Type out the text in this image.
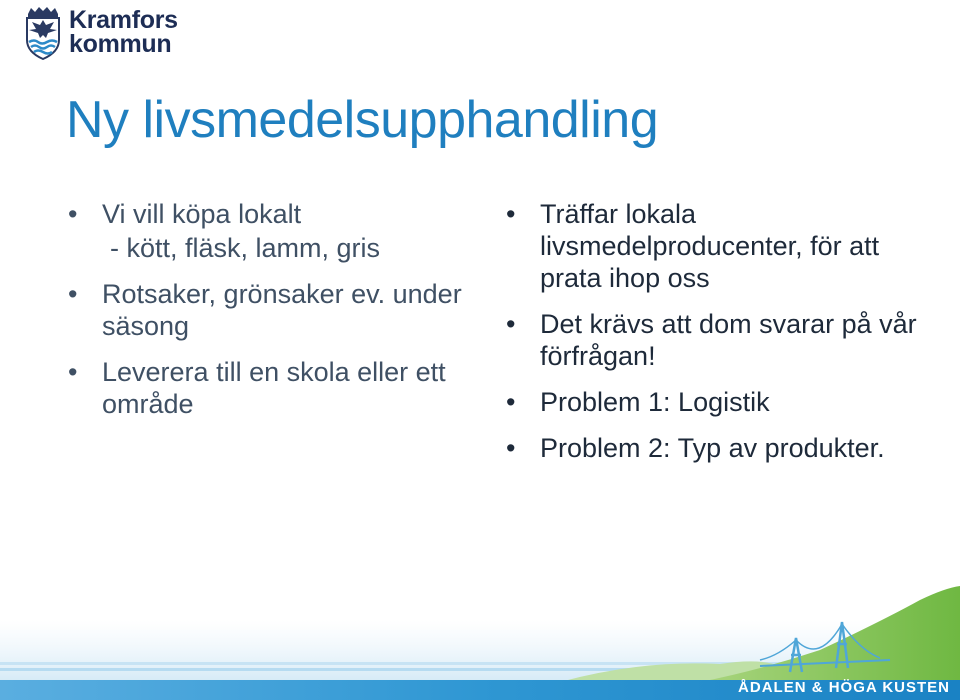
Kramfors
kommun
Ny livsmedelsupphandling
• Vi vill köpa lokalt
- kött, fläsk, lamm, gris
• Rotsaker, grönsaker ev. under säsong
• Leverera till en skola eller ett område
• Träffar lokala livsmedelproducenter, för att prata ihop oss
• Det krävs att dom svarar på vår förfrågan!
• Problem 1: Logistik
• Problem 2: Typ av produkter.
ÅDALEN & HÖGA KUSTEN
